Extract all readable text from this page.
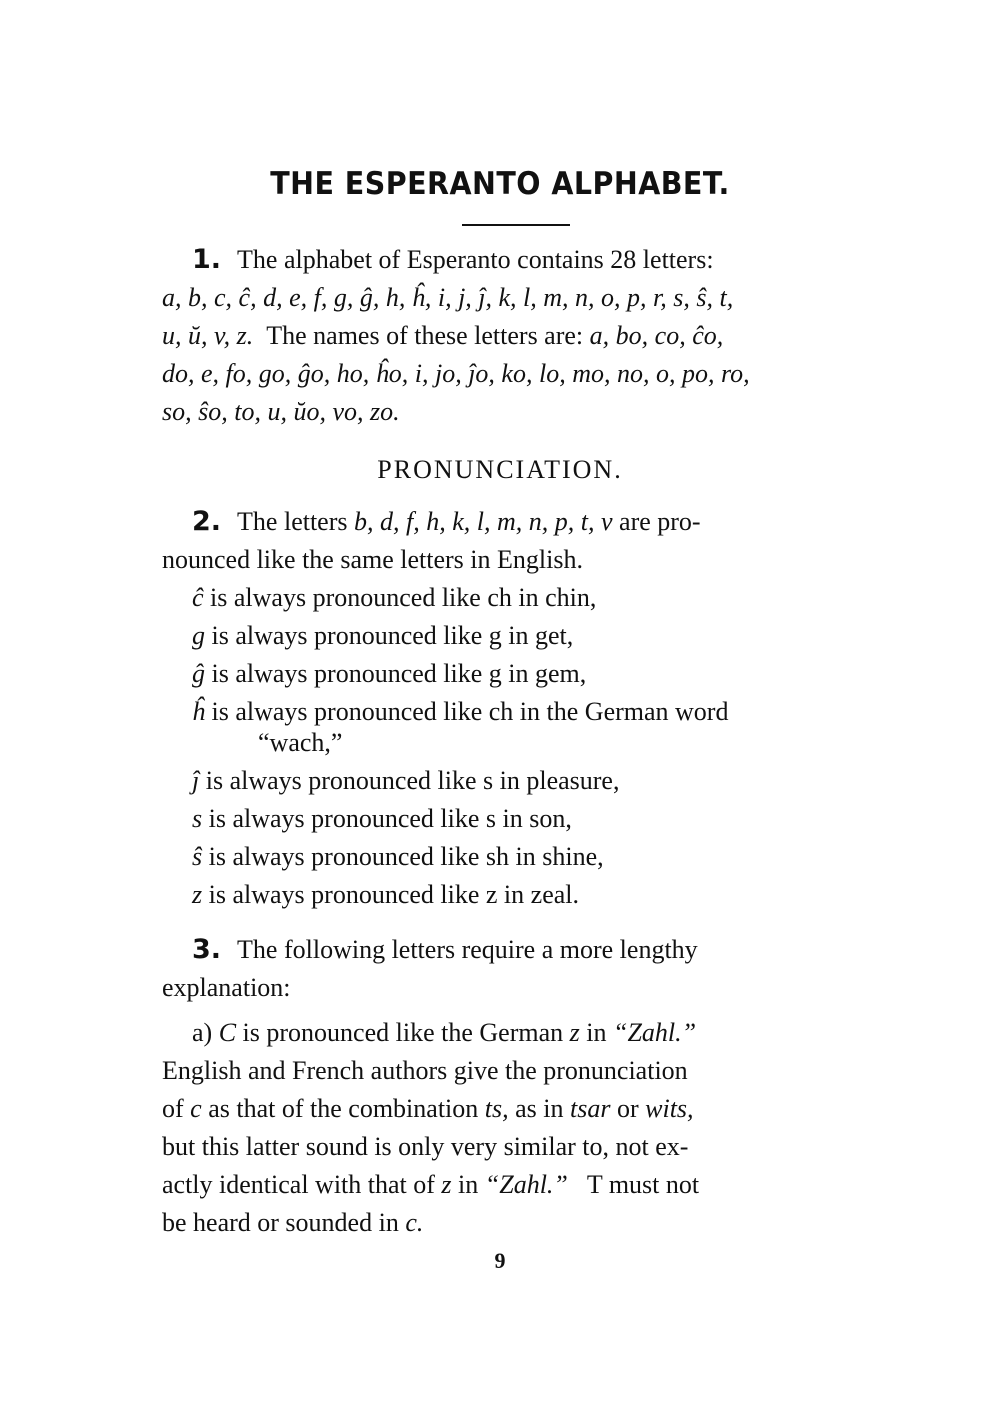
THE ESPERANTO ALPHABET.
1. The alphabet of Esperanto contains 28 letters:
a, b, c, ĉ, d, e, f, g, ĝ, h, ĥ, i, j, ĵ, k, l, m, n, o, p, r, s, ŝ, t,
u, ŭ, v, z. The names of these letters are: a, bo, co, ĉo,
do, e, fo, go, ĝo, ho, ĥo, i, jo, ĵo, ko, lo, mo, no, o, po, ro,
so, ŝo, to, u, ŭo, vo, zo.
PRONUNCIATION.
2. The letters b, d, f, h, k, l, m, n, p, t, v are pro-
nounced like the same letters in English.
ĉ is always pronounced like ch in chin,
g is always pronounced like g in get,
ĝ is always pronounced like g in gem,
ĥ is always pronounced like ch in the German word
“wach,”
ĵ is always pronounced like s in pleasure,
s is always pronounced like s in son,
ŝ is always pronounced like sh in shine,
z is always pronounced like z in zeal.
3. The following letters require a more lengthy
explanation:
a) C is pronounced like the German z in “Zahl.”
English and French authors give the pronunciation
of c as that of the combination ts, as in tsar or wits,
but this latter sound is only very similar to, not ex-
actly identical with that of z in “Zahl.” T must not
be heard or sounded in c.
9
